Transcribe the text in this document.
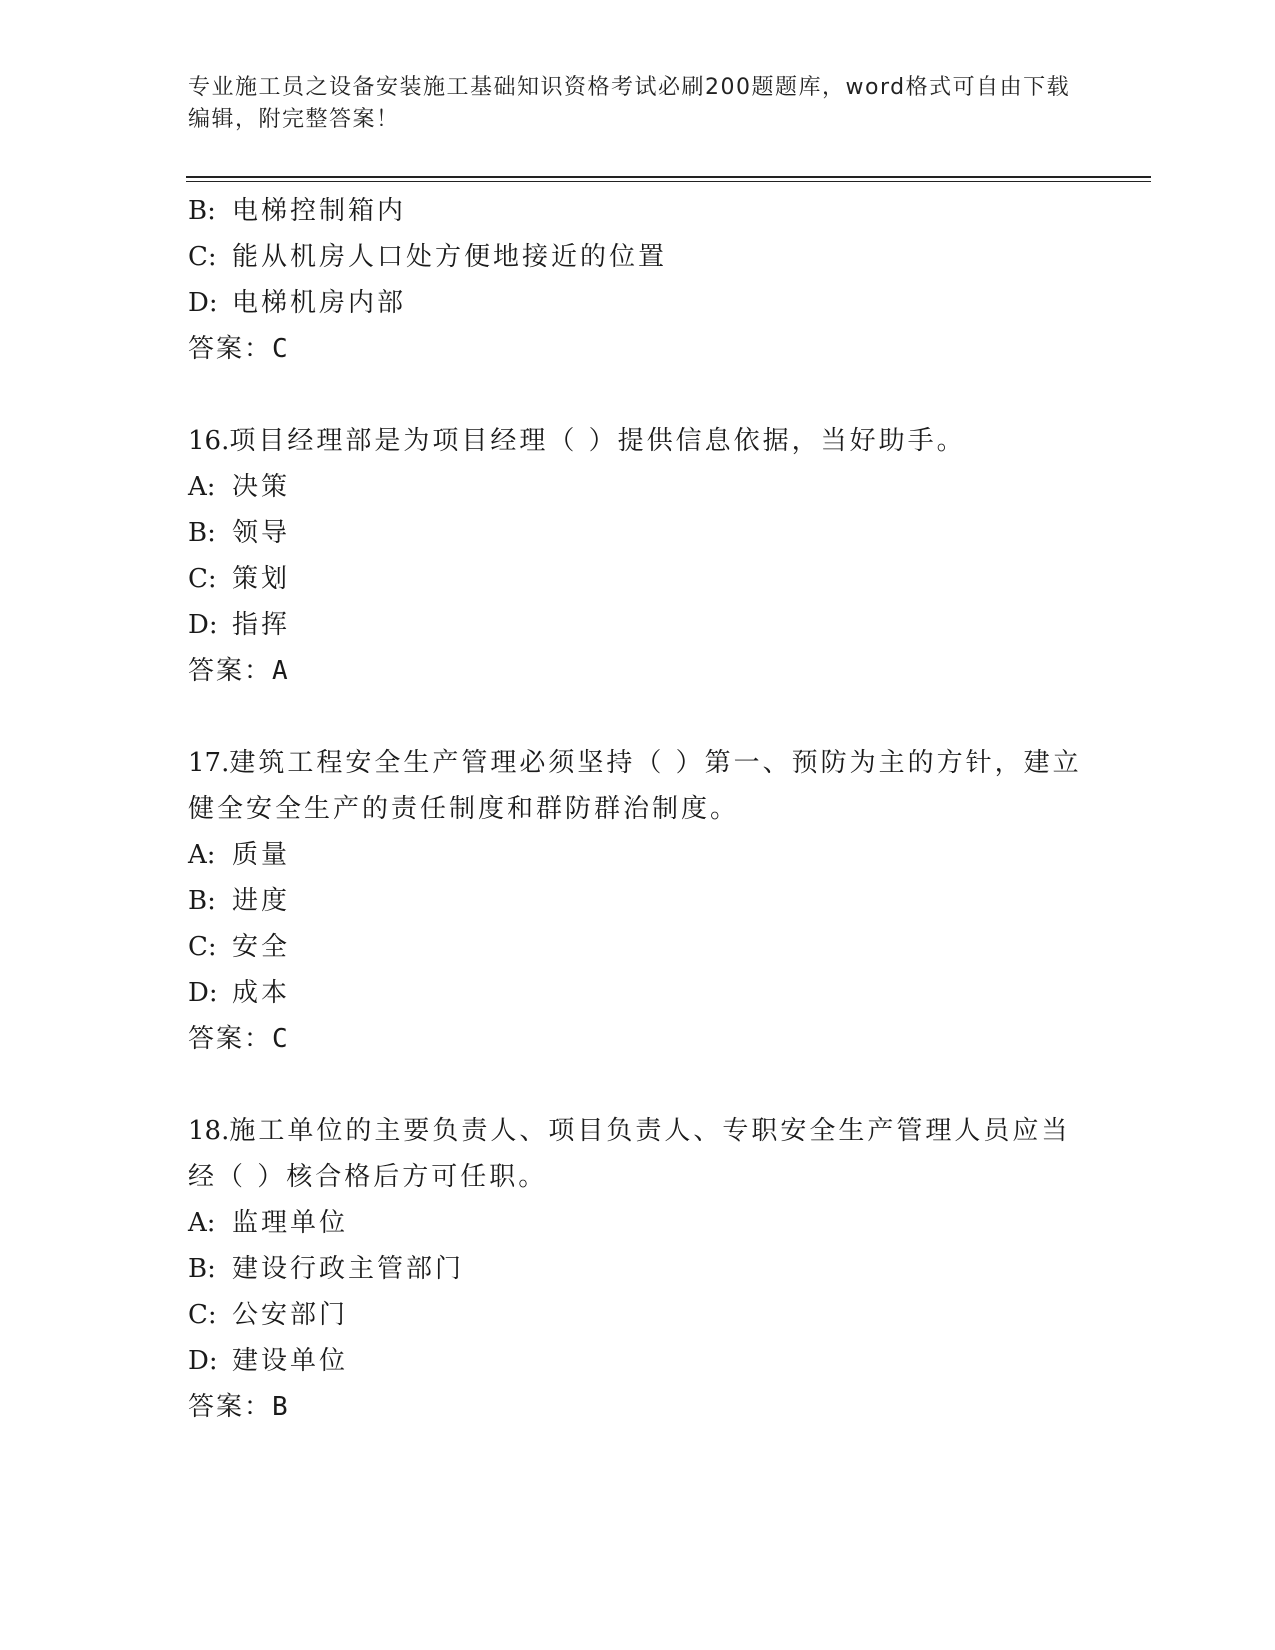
专业施工员之设备安装施工基础知识资格考试必刷200题题库，word格式可自由下载编辑，附完整答案！
B: 电梯控制箱内
C: 能从机房人口处方便地接近的位置
D: 电梯机房内部
答案：C
16.项目经理部是为项目经理（ ）提供信息依据，当好助手。
A: 决策
B: 领导
C: 策划
D: 指挥
答案：A
17.建筑工程安全生产管理必须坚持（ ）第一、预防为主的方针，建立健全安全生产的责任制度和群防群治制度。
A: 质量
B: 进度
C: 安全
D: 成本
答案：C
18.施工单位的主要负责人、项目负责人、专职安全生产管理人员应当经（ ）核合格后方可任职。
A: 监理单位
B: 建设行政主管部门
C: 公安部门
D: 建设单位
答案：B
